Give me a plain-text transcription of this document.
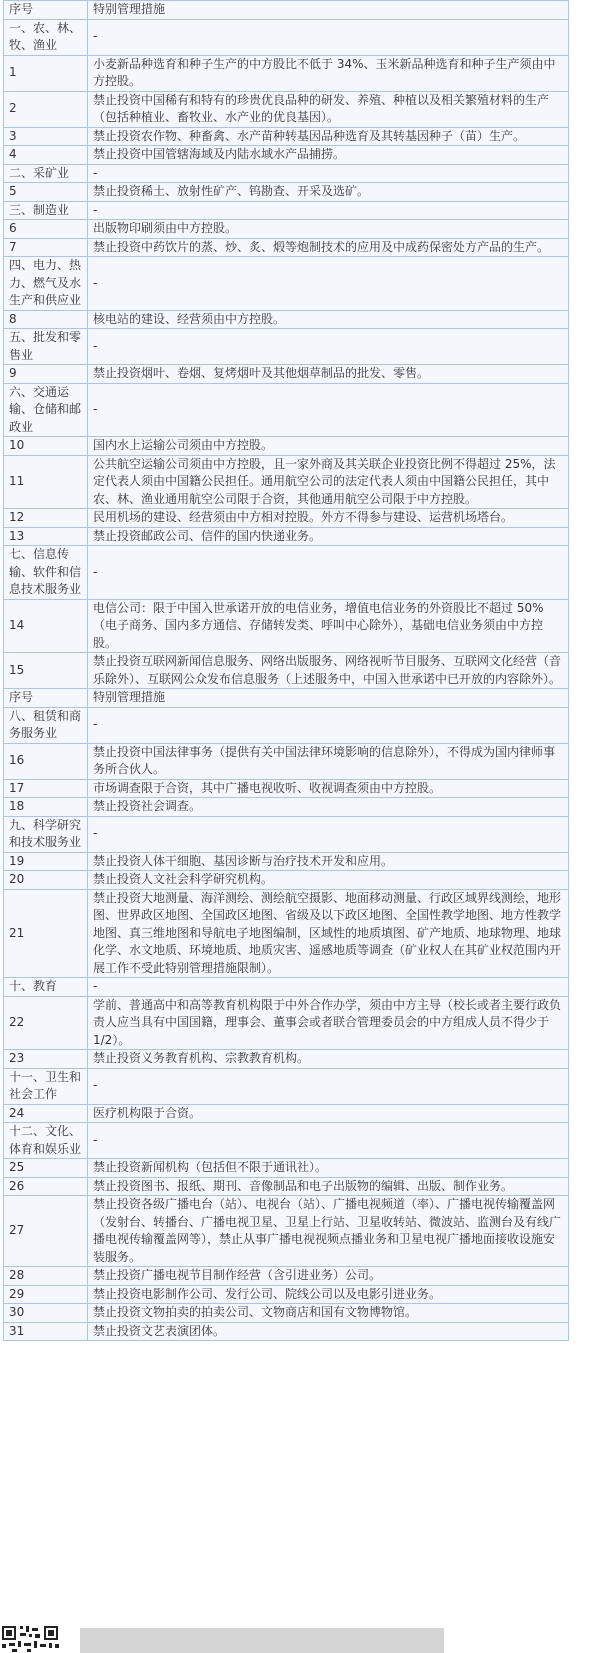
序号	特别管理措施
一、农、林、牧、渔业	-
1	小麦新品种选育和种子生产的中方股比不低于 34%、玉米新品种选育和种子生产须由中方控股。
2	禁止投资中国稀有和特有的珍贵优良品种的研发、养殖、种植以及相关繁殖材料的生产（包括种植业、畜牧业、水产业的优良基因）。
3	禁止投资农作物、种畜禽、水产苗种转基因品种选育及其转基因种子（苗）生产。
4	禁止投资中国管辖海域及内陆水域水产品捕捞。
二、采矿业	-
5	禁止投资稀土、放射性矿产、钨勘查、开采及选矿。
三、制造业	-
6	出版物印刷须由中方控股。
7	禁止投资中药饮片的蒸、炒、炙、煅等炮制技术的应用及中成药保密处方产品的生产。
四、电力、热力、燃气及水生产和供应业	-
8	核电站的建设、经营须由中方控股。
五、批发和零售业	-
9	禁止投资烟叶、卷烟、复烤烟叶及其他烟草制品的批发、零售。
六、交通运输、仓储和邮政业	-
10	国内水上运输公司须由中方控股。
11	公共航空运输公司须由中方控股，且一家外商及其关联企业投资比例不得超过 25%，法定代表人须由中国籍公民担任。通用航空公司的法定代表人须由中国籍公民担任，其中农、林、渔业通用航空公司限于合资，其他通用航空公司限于中方控股。
12	民用机场的建设、经营须由中方相对控股。外方不得参与建设、运营机场塔台。
13	禁止投资邮政公司、信件的国内快递业务。
七、信息传输、软件和信息技术服务业	-
14	电信公司：限于中国入世承诺开放的电信业务，增值电信业务的外资股比不超过 50%（电子商务、国内多方通信、存储转发类、呼叫中心除外），基础电信业务须由中方控股。
15	禁止投资互联网新闻信息服务、网络出版服务、网络视听节目服务、互联网文化经营（音乐除外）、互联网公众发布信息服务（上述服务中，中国入世承诺中已开放的内容除外）。
序号	特别管理措施
八、租赁和商务服务业	-
16	禁止投资中国法律事务（提供有关中国法律环境影响的信息除外），不得成为国内律师事务所合伙人。
17	市场调查限于合资，其中广播电视收听、收视调查须由中方控股。
18	禁止投资社会调查。
九、科学研究和技术服务业	-
19	禁止投资人体干细胞、基因诊断与治疗技术开发和应用。
20	禁止投资人文社会科学研究机构。
21	禁止投资大地测量、海洋测绘、测绘航空摄影、地面移动测量、行政区域界线测绘，地形图、世界政区地图、全国政区地图、省级及以下政区地图、全国性教学地图、地方性教学地图、真三维地图和导航电子地图编制，区域性的地质填图、矿产地质、地球物理、地球化学、水文地质、环境地质、地质灾害、遥感地质等调查（矿业权人在其矿业权范围内开展工作不受此特别管理措施限制）。
十、教育	-
22	学前、普通高中和高等教育机构限于中外合作办学，须由中方主导（校长或者主要行政负责人应当具有中国国籍，理事会、董事会或者联合管理委员会的中方组成人员不得少于 1/2）。
23	禁止投资义务教育机构、宗教教育机构。
十一、卫生和社会工作	-
24	医疗机构限于合资。
十二、文化、体育和娱乐业	-
25	禁止投资新闻机构（包括但不限于通讯社）。
26	禁止投资图书、报纸、期刊、音像制品和电子出版物的编辑、出版、制作业务。
27	禁止投资各级广播电台（站）、电视台（站）、广播电视频道（率）、广播电视传输覆盖网（发射台、转播台、广播电视卫星、卫星上行站、卫星收转站、微波站、监测台及有线广播电视传输覆盖网等），禁止从事广播电视视频点播业务和卫星电视广播地面接收设施安装服务。
28	禁止投资广播电视节目制作经营（含引进业务）公司。
29	禁止投资电影制作公司、发行公司、院线公司以及电影引进业务。
30	禁止投资文物拍卖的拍卖公司、文物商店和国有文物博物馆。
31	禁止投资文艺表演团体。
